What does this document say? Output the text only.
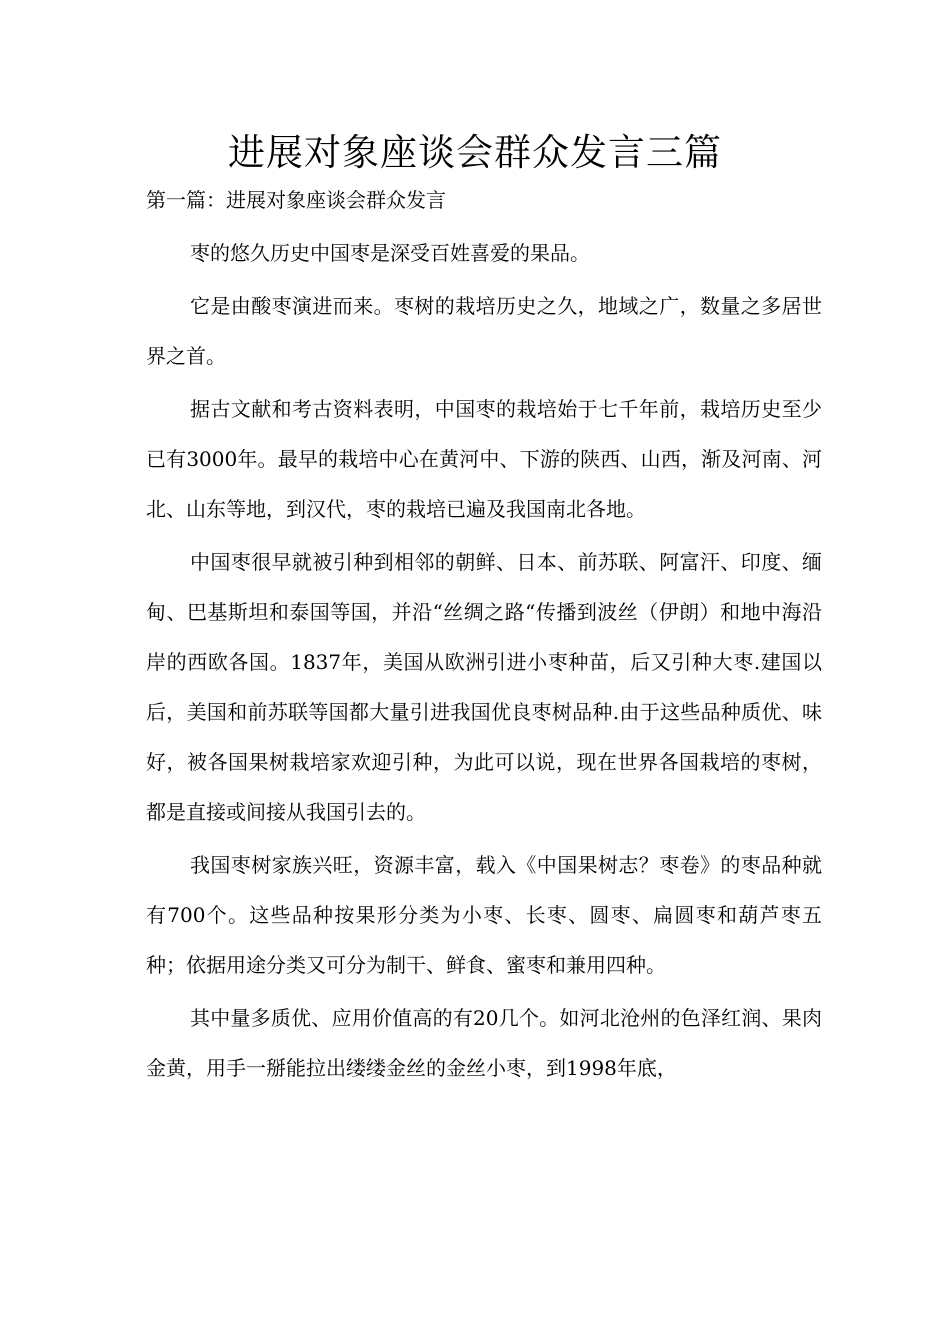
进展对象座谈会群众发言三篇

第一篇：进展对象座谈会群众发言

枣的悠久历史中国枣是深受百姓喜爱的果品。

它是由酸枣演进而来。枣树的栽培历史之久，地域之广，数量之多居世界之首。

据古文献和考古资料表明，中国枣的栽培始于七千年前，栽培历史至少已有3000年。最早的栽培中心在黄河中、下游的陕西、山西，渐及河南、河北、山东等地，到汉代，枣的栽培已遍及我国南北各地。

中国枣很早就被引种到相邻的朝鲜、日本、前苏联、阿富汗、印度、缅甸、巴基斯坦和泰国等国，并沿“丝绸之路“传播到波丝（伊朗）和地中海沿岸的西欧各国。1837年，美国从欧洲引进小枣种苗，后又引种大枣.建国以后，美国和前苏联等国都大量引进我国优良枣树品种.由于这些品种质优、味好，被各国果树栽培家欢迎引种，为此可以说，现在世界各国栽培的枣树，都是直接或间接从我国引去的。

我国枣树家族兴旺，资源丰富，载入《中国果树志？枣卷》的枣品种就有700个。这些品种按果形分类为小枣、长枣、圆枣、扁圆枣和葫芦枣五种；依据用途分类又可分为制干、鲜食、蜜枣和兼用四种。

其中量多质优、应用价值高的有20几个。如河北沧州的色泽红润、果肉金黄，用手一掰能拉出缕缕金丝的金丝小枣，到1998年底，
